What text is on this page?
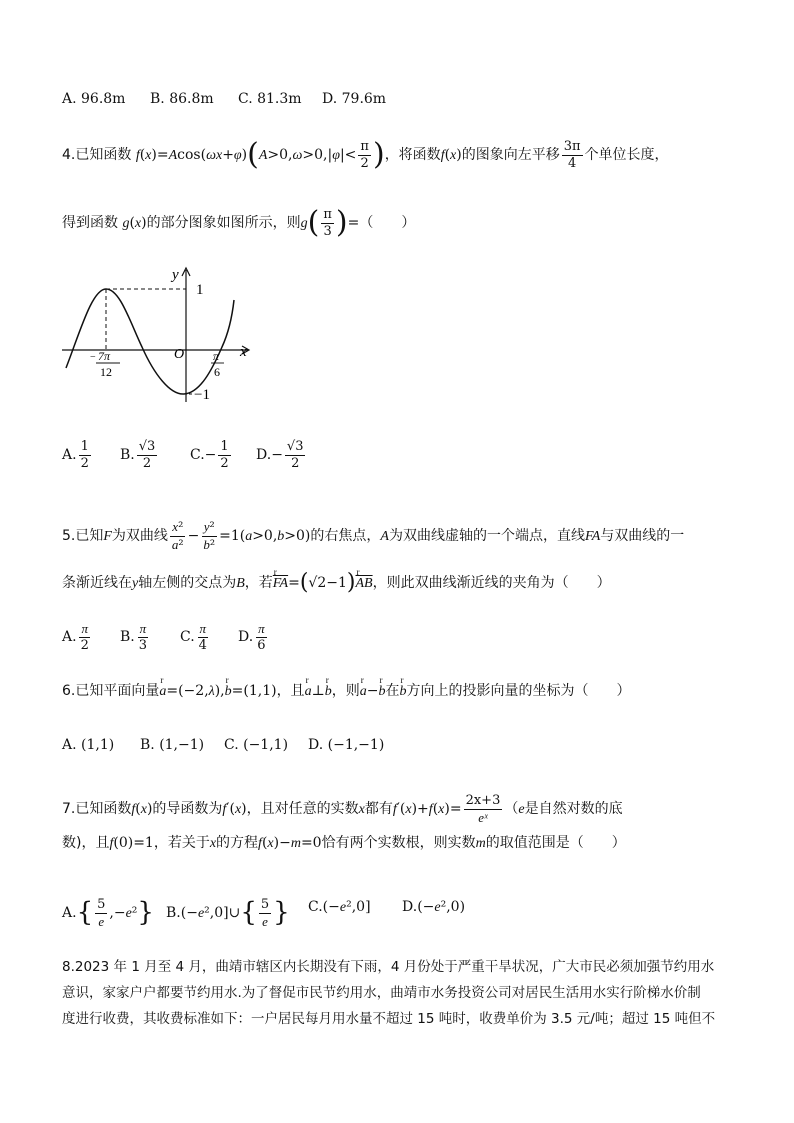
A. 96.8m B. 86.8m C. 81.3m D. 79.6m
4.已知函数 $f(x)=Acos(\omega x+\varphi)(A>0,\omega>0,|\varphi|< \frac{\pi}{2}$ )，将函数f(x)的图象向左平移 $\frac{3\pi}{4}$ 个单位长度，
得到函数 g(x)的部分图象如图所示，则$g( \frac{\pi}{3}$ )=（　　）
y
x
O
1
−1
− 7π
12
π
6
A. $\frac{1}{2} B$. $\frac{√3}{2} C.- \frac{1}{2} D.- \frac{√3}{2}$
5.已知F为双曲线 $\frac{\text{x²}}{\text{a²}} - \frac{\text{y²}}{\text{b²}} =1(a>0,b>0)$的右焦点，A为双曲线虚轴的一个端点，直线FA与双曲线的一
条渐近线在y轴左侧的交点为B，若r $\overline{FA}=(√2-1)r$ $\overline{AB}$，则此双曲线渐近线的夹角为（　　）
A. $\frac{\pi}{2} B$. $\frac{\pi}{3} C$. $\frac{\pi}{4} D$. $\frac{\pi}{6}$
6.已知平面向量r a=(−2,λ),r b=(1,1)，且r a⊥r b，则r a−r b在r b方向上的投影向量的坐标为（　　）
A. (1,1) B. (1,−1) C. (−1,1) D. (−1,−1)
7.已知函数f(x)的导函数为f′(x)，且对任意的实数x都有$f'(x)+f(x)= \frac{2x+3}{\text{eˣ}} (e$是自然对数的底
数)，且f(0)=1，若关于x的方程f(x)−m=0恰有两个实数根，则实数m的取值范围是（　　）
$A.\{ \frac{5}{e} ,-e^2\}$ B.(−e²,0]∪{ $\frac{5}{e}$ } C.(−e²,0] D.(−e²,0)
8.2023 年 1 月至 4 月，曲靖市辖区内长期没有下雨，4 月份处于严重干旱状况，广大市民必须加强节约用水
意识，家家户户都要节约用水.为了督促市民节约用水，曲靖市水务投资公司对居民生活用水实行阶梯水价制
度进行收费，其收费标准如下：一户居民每月用水量不超过 15 吨时，收费单价为 3.5 元/吨；超过 15 吨但不
